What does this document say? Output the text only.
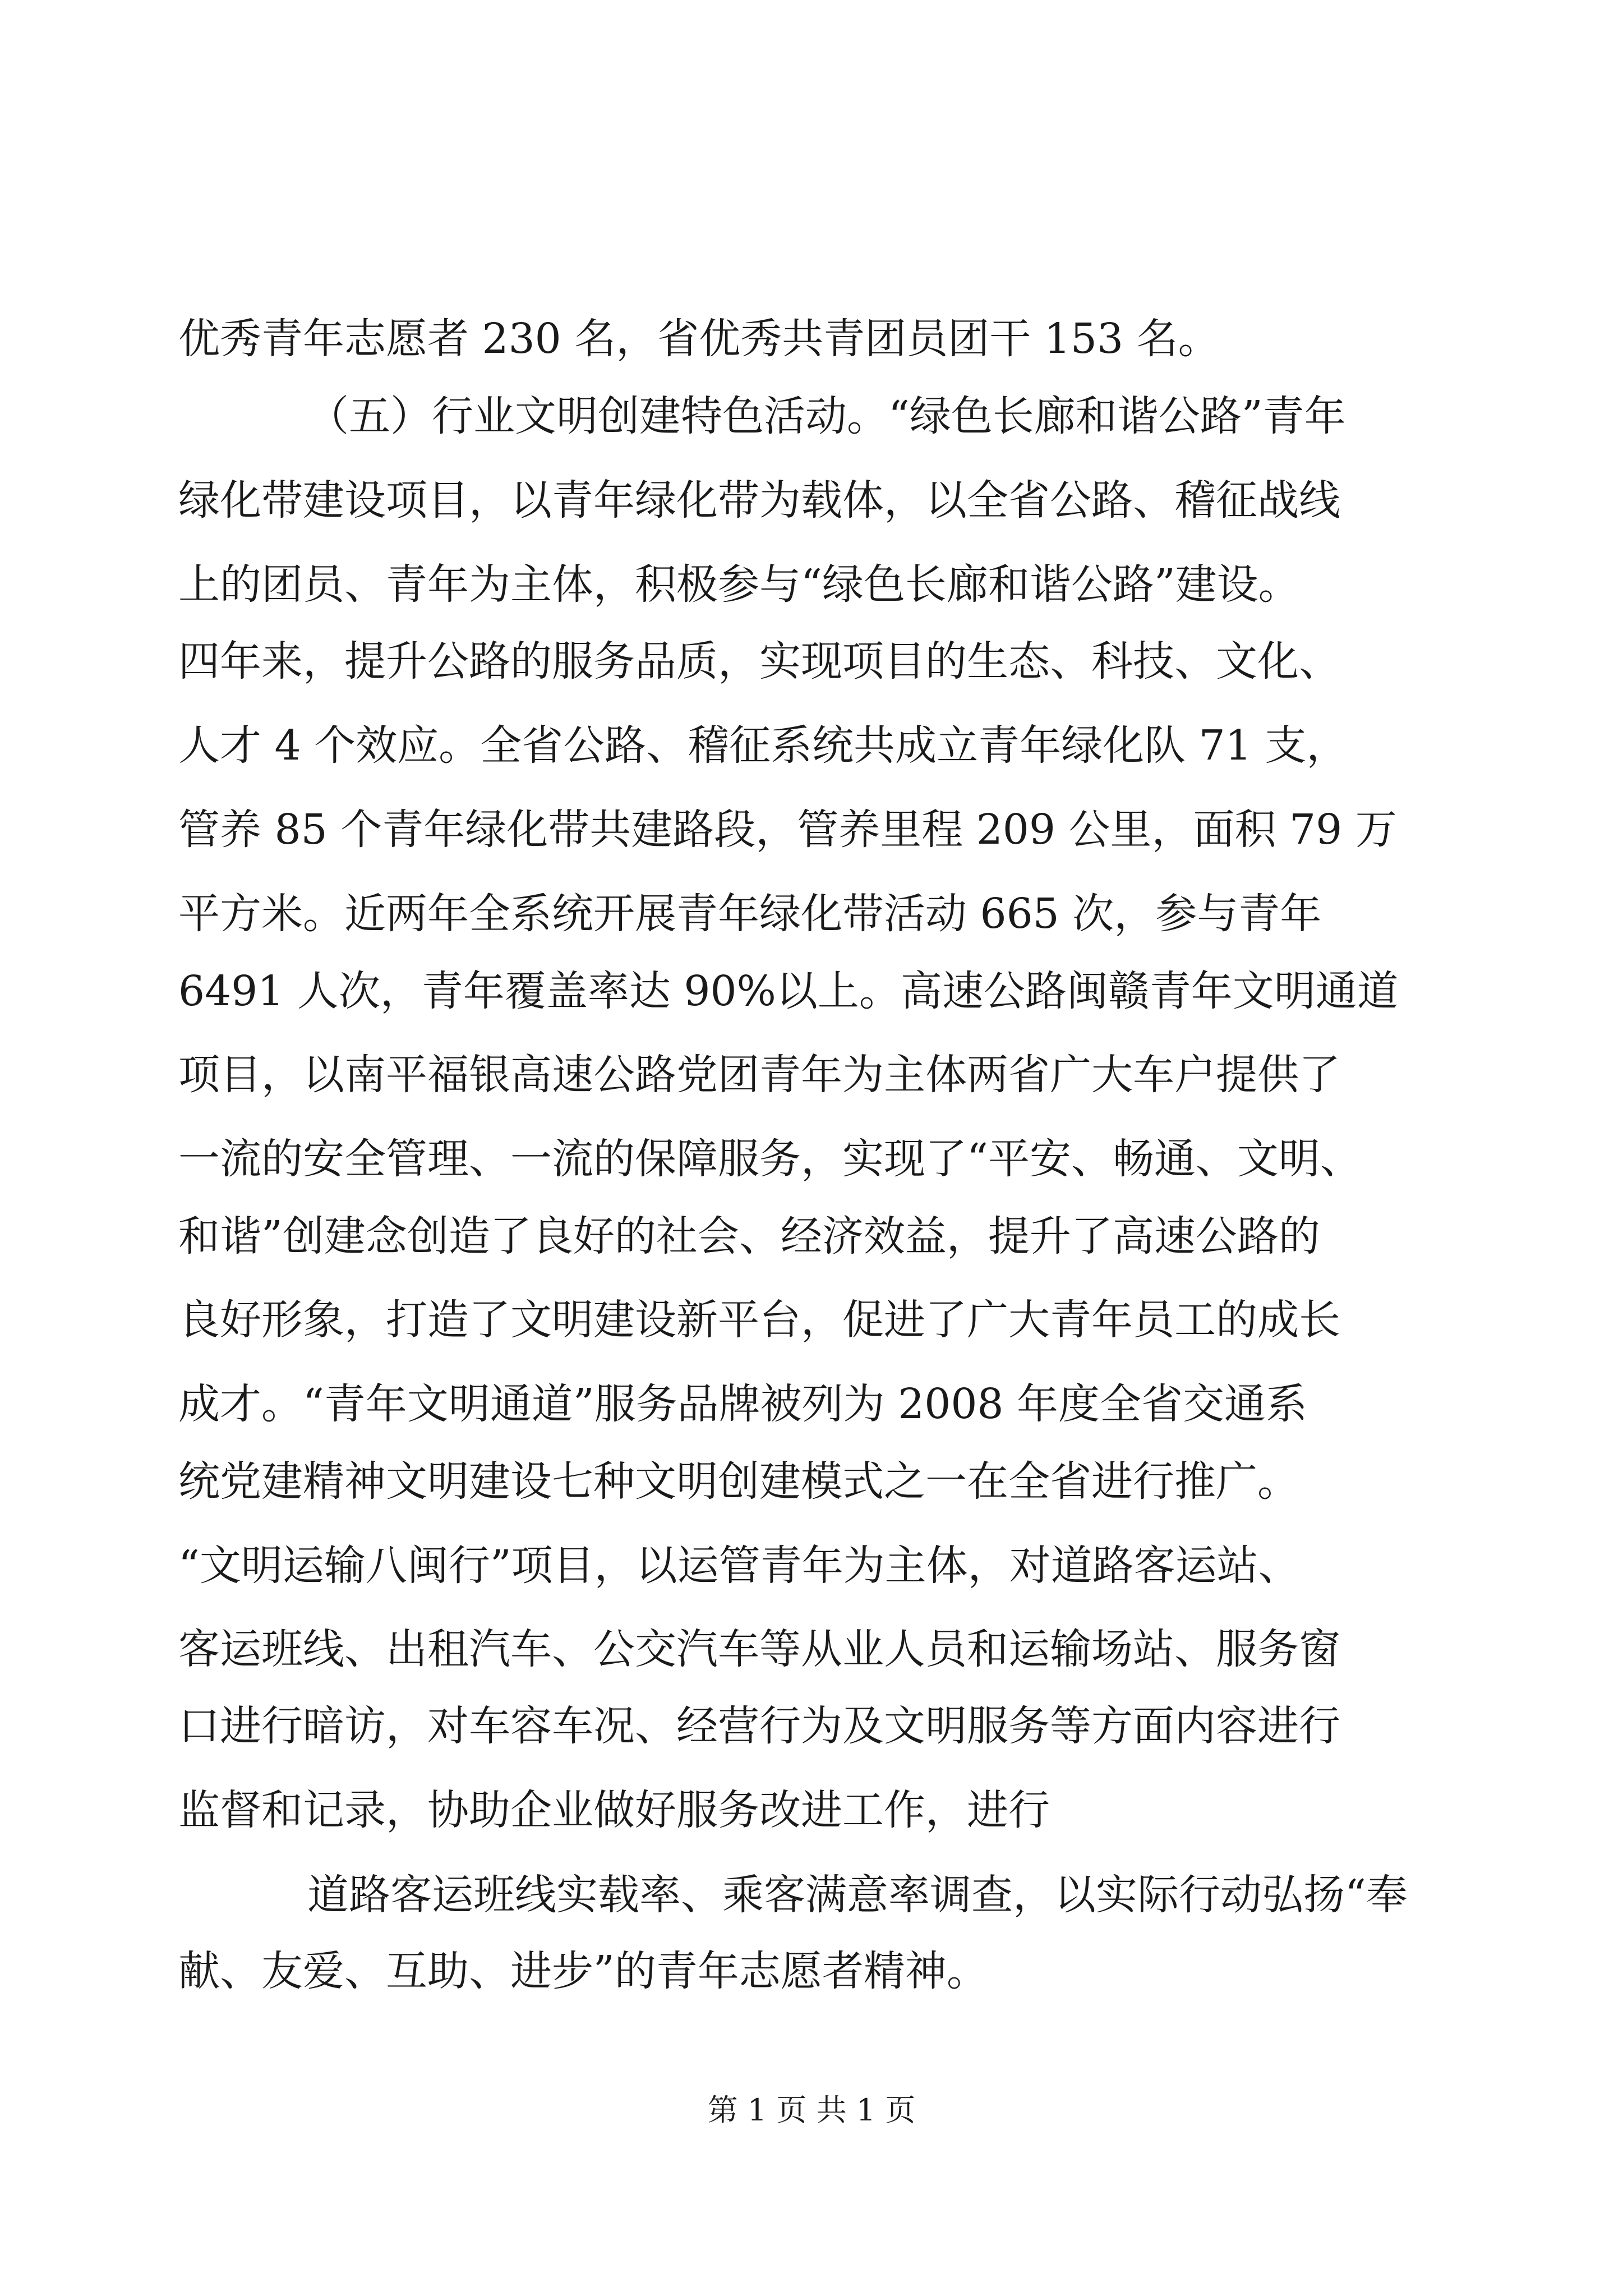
优秀青年志愿者 230 名，省优秀共青团员团干 153 名。
（五）行业文明创建特色活动。“绿色长廊和谐公路”青年
绿化带建设项目，以青年绿化带为载体，以全省公路、稽征战线
上的团员、青年为主体，积极参与“绿色长廊和谐公路”建设。
四年来，提升公路的服务品质，实现项目的生态、科技、文化、
人才 4 个效应。全省公路、稽征系统共成立青年绿化队 71 支，
管养 85 个青年绿化带共建路段，管养里程 209 公里，面积 79 万
平方米。近两年全系统开展青年绿化带活动 665 次，参与青年
6491 人次，青年覆盖率达 90%以上。高速公路闽赣青年文明通道
项目，以南平福银高速公路党团青年为主体两省广大车户提供了
一流的安全管理、一流的保障服务，实现了“平安、畅通、文明、
和谐”创建念创造了良好的社会、经济效益，提升了高速公路的
良好形象，打造了文明建设新平台，促进了广大青年员工的成长
成才。“青年文明通道”服务品牌被列为 2008 年度全省交通系
统党建精神文明建设七种文明创建模式之一在全省进行推广。
“文明运输八闽行”项目，以运管青年为主体，对道路客运站、
客运班线、出租汽车、公交汽车等从业人员和运输场站、服务窗
口进行暗访，对车容车况、经营行为及文明服务等方面内容进行
监督和记录，协助企业做好服务改进工作，进行
道路客运班线实载率、乘客满意率调查，以实际行动弘扬“奉
献、友爱、互助、进步”的青年志愿者精神。
第 1 页 共 1 页
